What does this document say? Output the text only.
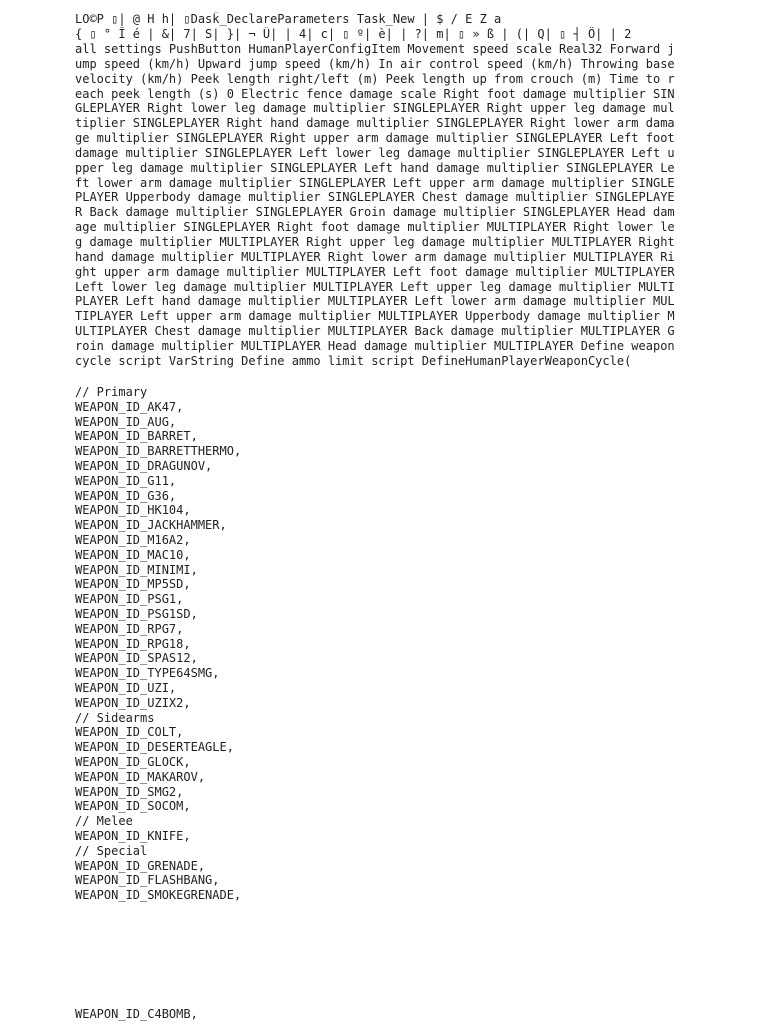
LO©P ▯| @ H h| ▯Dask̈_DeclareParameters Task_New | $ / E Z a

{ ▯ ° Î é | &| 7| S| }| ¬ Û| | 4| c| ▯ º| è| | ?| m| ▯ » ß | (| Q| ▯ ┤ Ö| | 2

all settings PushButton HumanPlayerConfigItem Movement speed scale Real32 Forward jump speed (km/h) Upward jump speed (km/h) In air control speed (km/h) Throwing base velocity (km/h) Peek length right/left (m) Peek length up from crouch (m) Time to reach peek length (s) 0 Electric fence damage scale Right foot damage multiplier SINGLEPLAYER Right lower leg damage multiplier SINGLEPLAYER Right upper leg damage multiplier SINGLEPLAYER Right hand damage multiplier SINGLEPLAYER Right lower arm damage multiplier SINGLEPLAYER Right upper arm damage multiplier SINGLEPLAYER Left foot damage multiplier SINGLEPLAYER Left lower leg damage multiplier SINGLEPLAYER Left upper leg damage multiplier SINGLEPLAYER Left hand damage multiplier SINGLEPLAYER Left lower arm damage multiplier SINGLEPLAYER Left upper arm damage multiplier SINGLEPLAYER Upperbody damage multiplier SINGLEPLAYER Chest damage multiplier SINGLEPLAYER Back damage multiplier SINGLEPLAYER Groin damage multiplier SINGLEPLAYER Head damage multiplier SINGLEPLAYER Right foot damage multiplier MULTIPLAYER Right lower leg damage multiplier MULTIPLAYER Right upper leg damage multiplier MULTIPLAYER Right hand damage multiplier MULTIPLAYER Right lower arm damage multiplier MULTIPLAYER Right upper arm damage multiplier MULTIPLAYER Left foot damage multiplier MULTIPLAYER Left lower leg damage multiplier MULTIPLAYER Left upper leg damage multiplier MULTIPLAYER Left hand damage multiplier MULTIPLAYER Left lower arm damage multiplier MULTIPLAYER Left upper arm damage multiplier MULTIPLAYER Upperbody damage multiplier MULTIPLAYER Chest damage multiplier MULTIPLAYER Back damage multiplier MULTIPLAYER Groin damage multiplier MULTIPLAYER Head damage multiplier MULTIPLAYER Define weapon cycle script VarString Define ammo limit script DefineHumanPlayerWeaponCycle(

// Primary
WEAPON_ID_AK47,
WEAPON_ID_AUG,
WEAPON_ID_BARRET,
WEAPON_ID_BARRETTHERMO,
WEAPON_ID_DRAGUNOV,
WEAPON_ID_G11,
WEAPON_ID_G36,
WEAPON_ID_HK104,
WEAPON_ID_JACKHAMMER,
WEAPON_ID_M16A2,
WEAPON_ID_MAC10,
WEAPON_ID_MINIMI,
WEAPON_ID_MP5SD,
WEAPON_ID_PSG1,
WEAPON_ID_PSG1SD,
WEAPON_ID_RPG7,
WEAPON_ID_RPG18,
WEAPON_ID_SPAS12,
WEAPON_ID_TYPE64SMG,
WEAPON_ID_UZI,
WEAPON_ID_UZIX2,
// Sidearms
WEAPON_ID_COLT,
WEAPON_ID_DESERTEAGLE,
WEAPON_ID_GLOCK,
WEAPON_ID_MAKAROV,
WEAPON_ID_SMG2,
WEAPON_ID_SOCOM,
// Melee
WEAPON_ID_KNIFE,
// Special
WEAPON_ID_GRENADE,
WEAPON_ID_FLASHBANG,
WEAPON_ID_SMOKEGRENADE,

WEAPON_ID_C4BOMB,
